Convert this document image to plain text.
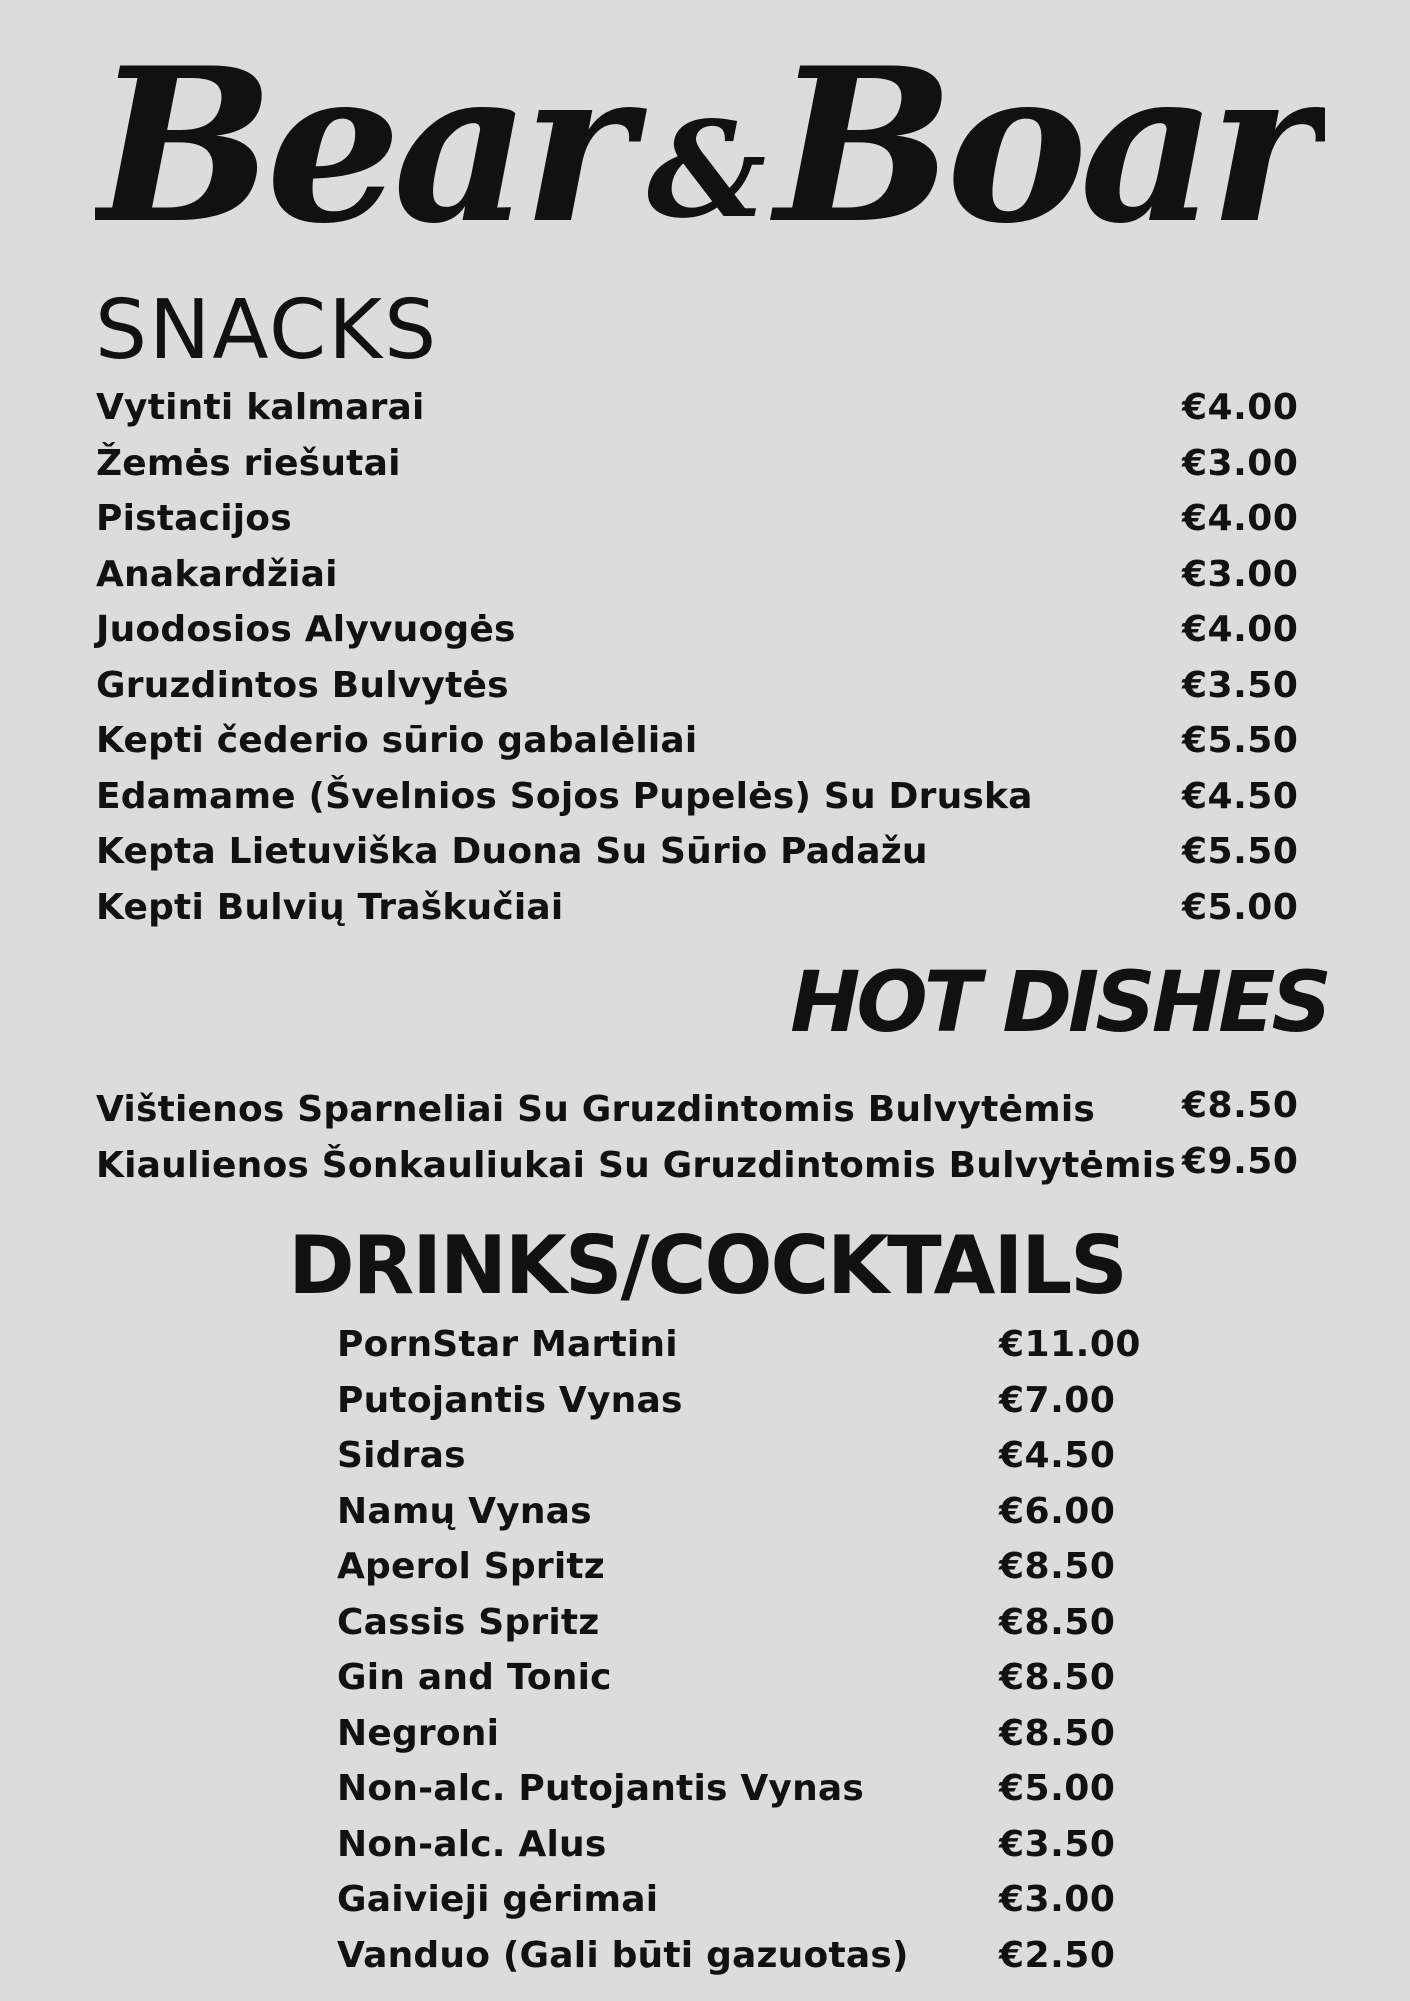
Bear & Boar
SNACKS
Vytinti kalmarai	€4.00
Žemės riešutai	€3.00
Pistacijos	€4.00
Anakardžiai	€3.00
Juodosios Alyvuogės	€4.00
Gruzdintos Bulvytės	€3.50
Kepti čederio sūrio gabalėliai	€5.50
Edamame (Švelnios Sojos Pupelės) Su Druska	€4.50
Kepta Lietuviška Duona Su Sūrio Padažu	€5.50
Kepti Bulvių Traškučiai	€5.00
HOT DISHES
Vištienos Sparneliai Su Gruzdintomis Bulvytėmis €8.50
Kiaulienos Šonkauliukai Su Gruzdintomis Bulvytėmis €9.50
DRINKS/COCKTAILS
PornStar Martini	€11.00
Putojantis Vynas	€7.00
Sidras	€4.50
Namų Vynas	€6.00
Aperol Spritz	€8.50
Cassis Spritz	€8.50
Gin and Tonic	€8.50
Negroni	€8.50
Non-alc. Putojantis Vynas	€5.00
Non-alc. Alus	€3.50
Gaivieji gėrimai	€3.00
Vanduo (Gali būti gazuotas)	€2.50
